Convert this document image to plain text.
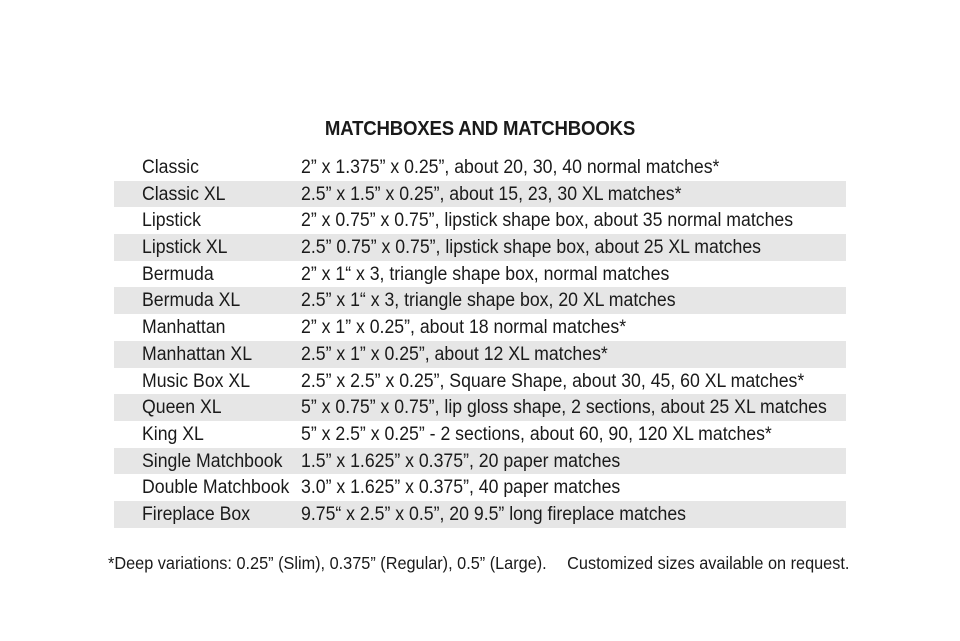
MATCHBOXES AND MATCHBOOKS
Classic	2” x 1.375” x 0.25”, about 20, 30, 40 normal matches*
Classic XL	2.5” x 1.5” x 0.25”, about 15, 23, 30 XL matches*
Lipstick	2” x 0.75” x 0.75”, lipstick shape box, about 35 normal matches
Lipstick XL	2.5” 0.75” x 0.75”, lipstick shape box, about 25 XL matches
Bermuda	2” x 1“ x 3, triangle shape box, normal matches
Bermuda XL	2.5” x 1“ x 3, triangle shape box, 20 XL matches
Manhattan	2” x 1” x 0.25”, about 18 normal matches*
Manhattan XL	2.5” x 1” x 0.25”, about 12 XL matches*
Music Box XL	2.5” x 2.5” x 0.25”, Square Shape, about 30, 45, 60 XL matches*
Queen XL	5” x 0.75” x 0.75”, lip gloss shape, 2 sections, about 25 XL matches
King XL	5” x 2.5” x 0.25” - 2 sections, about 60, 90, 120 XL matches*
Single Matchbook 1.5” x 1.625” x 0.375”, 20 paper matches
Double Matchbook 3.0” x 1.625” x 0.375”, 40 paper matches
Fireplace Box	9.75“ x 2.5” x 0.5”, 20 9.5” long fireplace matches
*Deep variations: 0.25” (Slim), 0.375” (Regular), 0.5” (Large). Customized sizes available on request.
